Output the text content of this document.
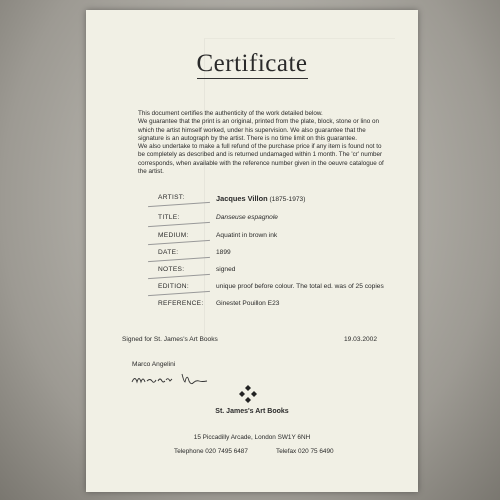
Certificate

This document certifies the authenticity of the work detailed below.

We guarantee that the print is an original, printed from the plate, block, stone or lino on which the artist himself worked, under his supervision. We also guarantee that the signature is an autograph by the artist. There is no time limit on this guarantee.

We also undertake to make a full refund of the purchase price if any item is found not to be completely as described and is returned undamaged within 1 month. The 'cr' number corresponds, when available with the reference number given in the oeuvre catalogue of the artist.

ARTIST:	Jacques Villon (1875-1973)
TITLE:	Danseuse espagnole
MEDIUM:	Aquatint in brown ink
DATE:	1899
NOTES:	signed
EDITION:	unique proof before colour. The total ed. was of 25 copies
REFERENCE: Ginestet Pouillon E23
Signed for St. James's Art Books	19.03.2002
Marco Angelini
St. James's Art Books
15 Piccadilly Arcade, London SW1Y 6NH
Telephone 020 7495 6487	Telefax 020 75 6490
